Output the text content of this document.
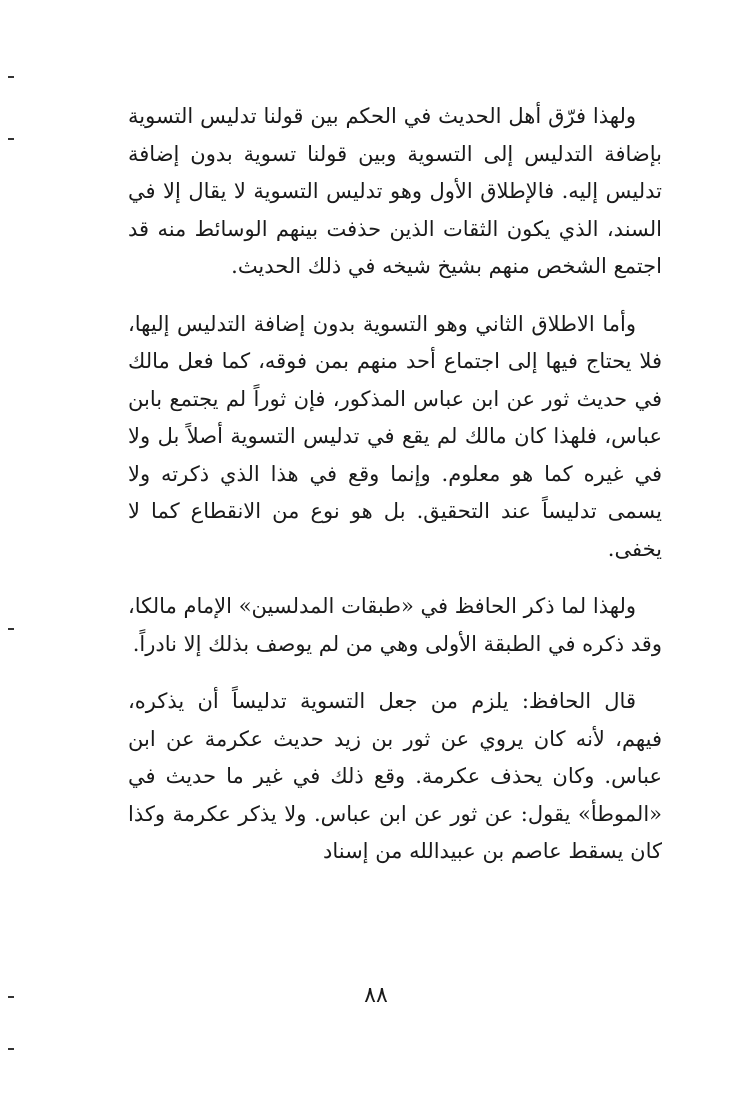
ولهذا فرّق أهل الحديث في الحكم بين قولنا تدليس التسوية بإضافة التدليس إلى التسوية وبين قولنا تسوية بدون إضافة تدليس إليه. فالإطلاق الأول وهو تدليس التسوية لا يقال إلا في السند، الذي يكون الثقات الذين حذفت بينهم الوسائط منه قد اجتمع الشخص منهم بشيخ شيخه في ذلك الحديث.

وأما الاطلاق الثاني وهو التسوية بدون إضافة التدليس إليها، فلا يحتاج فيها إلى اجتماع أحد منهم بمن فوقه، كما فعل مالك في حديث ثور عن ابن عباس المذكور، فإن ثوراً لم يجتمع بابن عباس، فلهذا كان مالك لم يقع في تدليس التسوية أصلاً بل ولا في غيره كما هو معلوم. وإنما وقع في هذا الذي ذكرته ولا يسمى تدليساً عند التحقيق. بل هو نوع من الانقطاع كما لا يخفى.

ولهذا لما ذكر الحافظ في «طبقات المدلسين» الإمام مالكا، وقد ذكره في الطبقة الأولى وهي من لم يوصف بذلك إلا نادراً.

قال الحافظ: يلزم من جعل التسوية تدليساً أن يذكره، فيهم، لأنه كان يروي عن ثور بن زيد حديث عكرمة عن ابن عباس. وكان يحذف عكرمة. وقع ذلك في غير ما حديث في «الموطأ» يقول: عن ثور عن ابن عباس. ولا يذكر عكرمة وكذا كان يسقط عاصم بن عبيدالله من إسناد

٨٨
